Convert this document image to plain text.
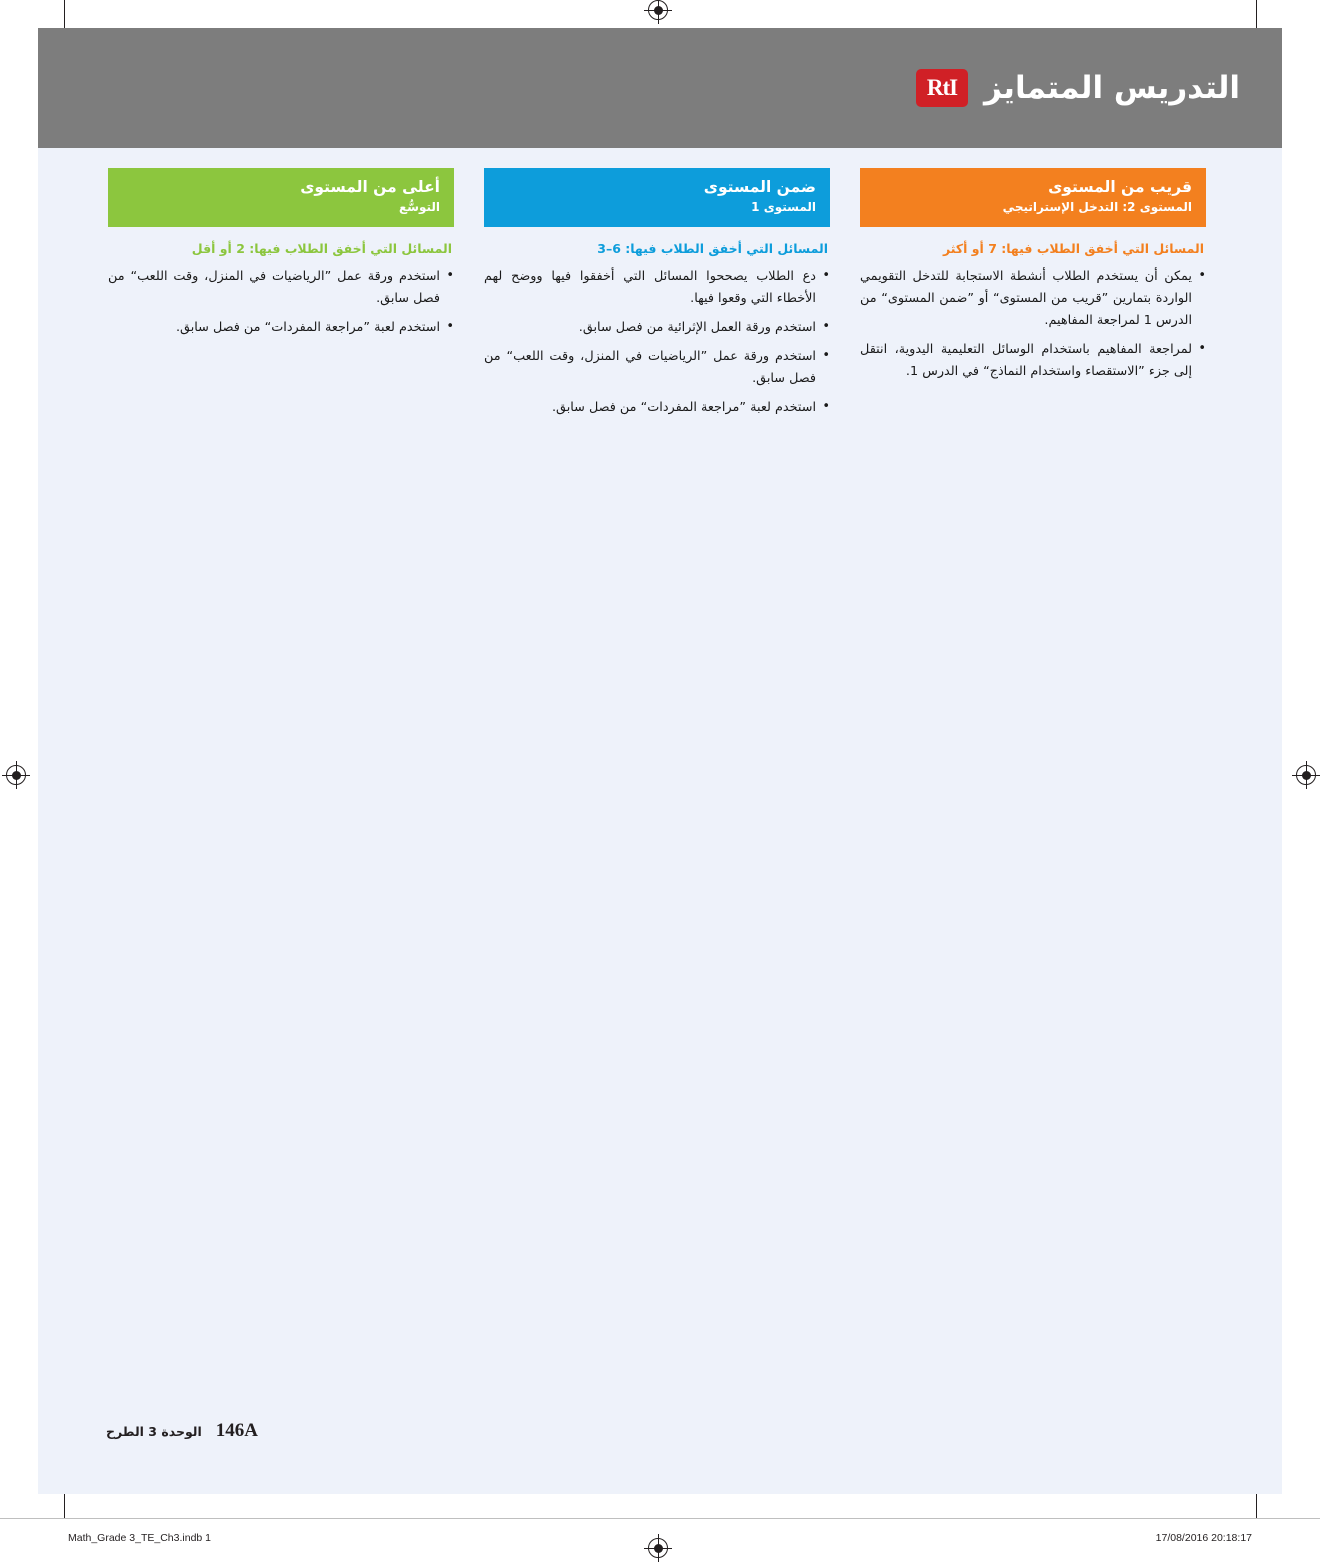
RtI التدريس المتمايز
قريب من المستوى
المستوى 2: التدخل الإستراتيجي
المسائل التي أخفق الطلاب فيها: 7 أو أكثر
• يمكن أن يستخدم الطلاب أنشطة الاستجابة للتدخل التقويمي الواردة بتمارين ”قريب من المستوى“ أو ”ضمن المستوى“ من الدرس 1 لمراجعة المفاهيم.
• لمراجعة المفاهيم باستخدام الوسائل التعليمية اليدوية، انتقل إلى جزء ”الاستقصاء واستخدام النماذج“ في الدرس 1.
ضمن المستوى
المستوى 1
المسائل التي أخفق الطلاب فيها: 6–3
• دع الطلاب يصححوا المسائل التي أخفقوا فيها ووضح لهم الأخطاء التي وقعوا فيها.
• استخدم ورقة العمل الإثرائية من فصل سابق.
• استخدم ورقة عمل ”الرياضيات في المنزل، وقت اللعب“ من فصل سابق.
• استخدم لعبة ”مراجعة المفردات“ من فصل سابق.
أعلى من المستوى
التوسُّع
المسائل التي أخفق الطلاب فيها: 2 أو أقل
• استخدم ورقة عمل ”الرياضيات في المنزل، وقت اللعب“ من فصل سابق.
• استخدم لعبة ”مراجعة المفردات“ من فصل سابق.
146A
الوحدة 3 الطرح
Math_Grade 3_TE_Ch3.indb 1	17/08/2016 20:18:17
